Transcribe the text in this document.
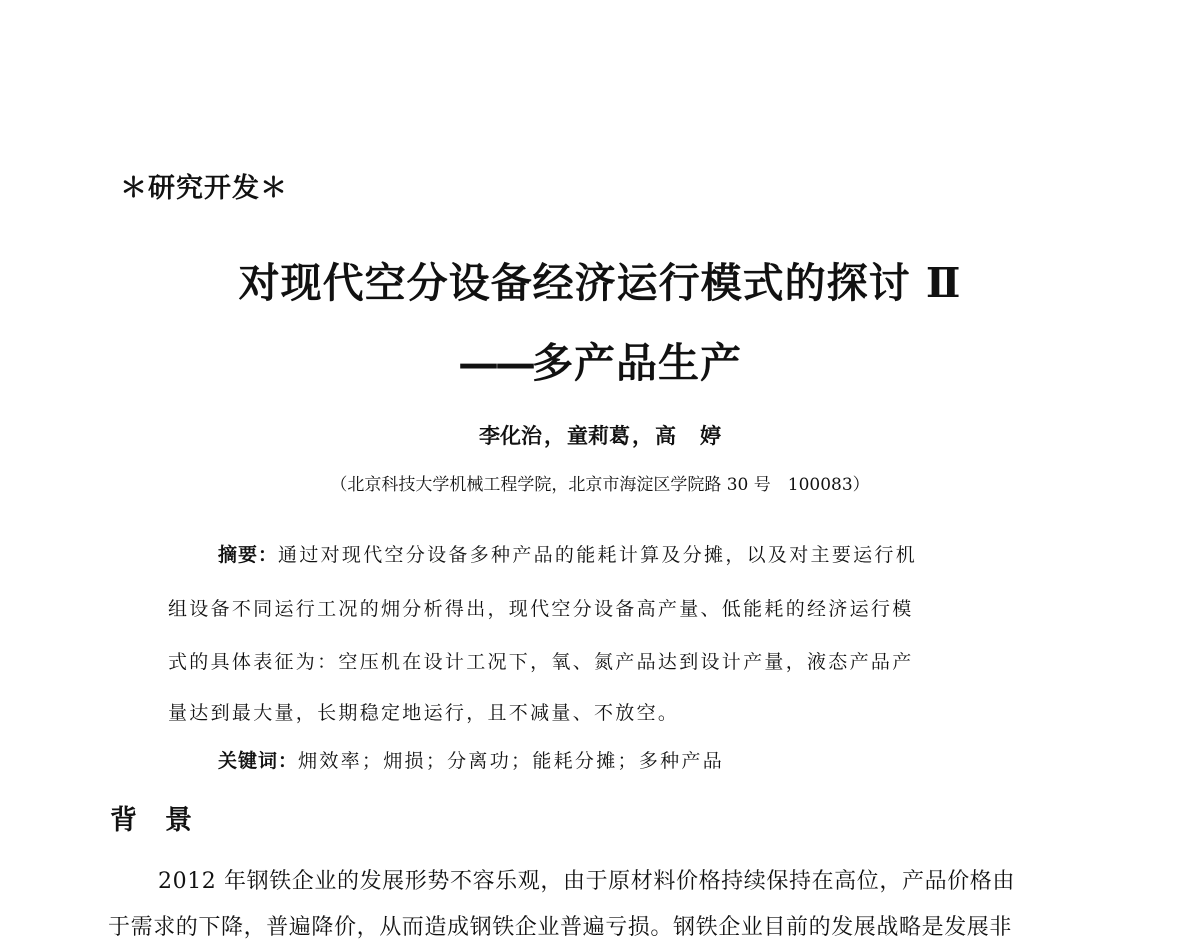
＊研究开发＊
对现代空分设备经济运行模式的探讨 Ⅱ
——多产品生产
李化治，童莉葛，高 婷
（北京科技大学机械工程学院，北京市海淀区学院路 30 号　100083）
摘要：通过对现代空分设备多种产品的能耗计算及分摊，以及对主要运行机
组设备不同运行工况的㶲分析得出，现代空分设备高产量、低能耗的经济运行模
式的具体表征为：空压机在设计工况下，氧、氮产品达到设计产量，液态产品产
量达到最大量，长期稳定地运行，且不减量、不放空。
关键词：㶲效率；㶲损；分离功；能耗分摊；多种产品
背 景
2012 年钢铁企业的发展形势不容乐观，由于原材料价格持续保持在高位，产品价格由
于需求的下降，普遍降价，从而造成钢铁企业普遍亏损。钢铁企业目前的发展战略是发展非
